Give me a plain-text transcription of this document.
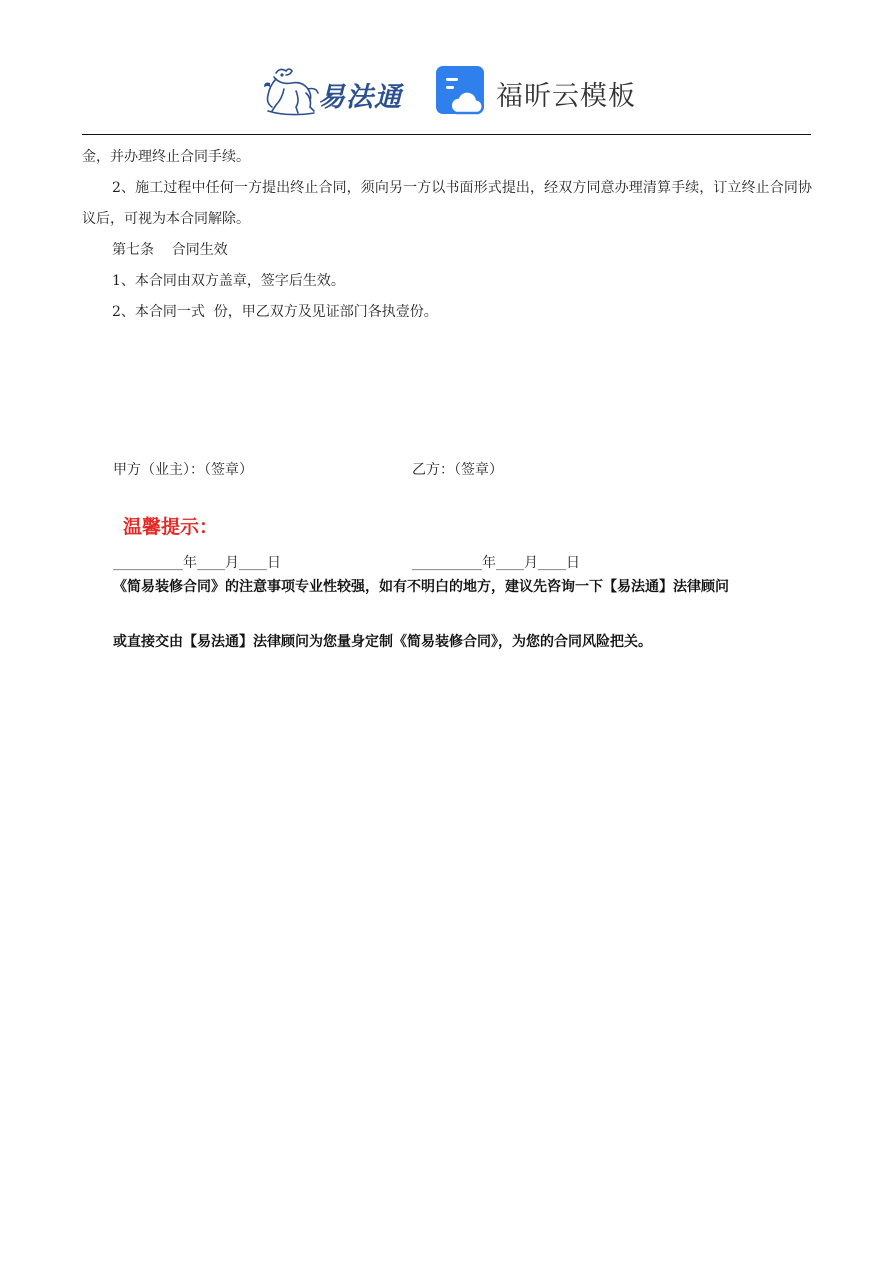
易法通	福昕云模板

金，并办理终止合同手续。

2、施工过程中任何一方提出终止合同，须向另一方以书面形式提出，经双方同意办理清算手续，订立终止合同协议后，可视为本合同解除。

第七条    合同生效

1、本合同由双方盖章，签字后生效。

2、本合同一式  份，甲乙双方及见证部门各执壹份。

甲方（业主）：（签章）

__________年____月____日

乙方：（签章）

__________年____月____日

温馨提示：
《简易装修合同》的注意事项专业性较强，如有不明白的地方，建议先咨询一下【易法通】法律顾问
或直接交由【易法通】法律顾问为您量身定制《简易装修合同》，为您的合同风险把关。
